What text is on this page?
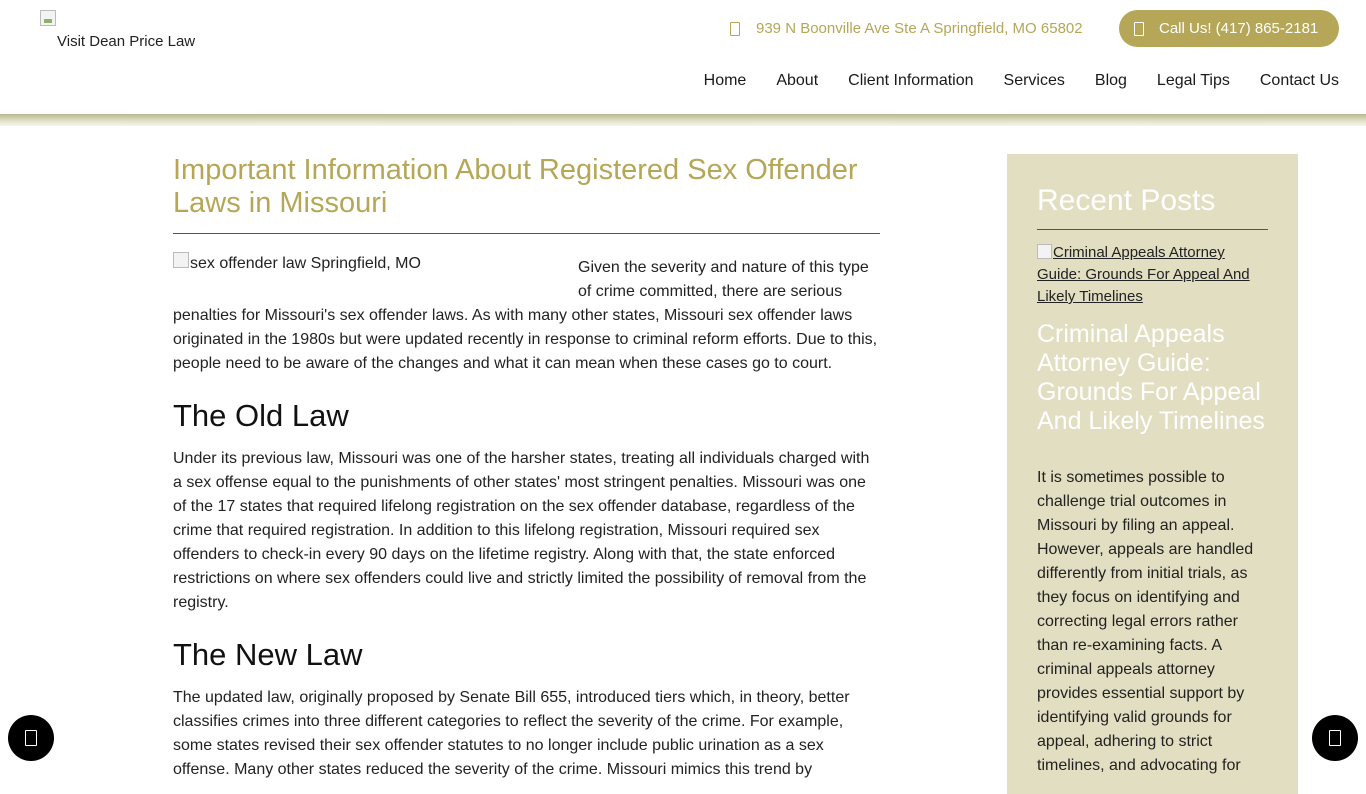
Visit Dean Price Law
939 N Boonville Ave Ste A Springfield, MO 65802	Call Us! (417) 865-2181
Home About Client Information Services Blog Legal Tips Contact Us
Important Information About Registered Sex Offender Laws in Missouri
sex offender law Springfield, MO	Given the severity and nature of this type of crime committed, there are serious penalties for Missouri's sex offender laws. As with many other states, Missouri sex offender laws originated in the 1980s but were updated recently in response to criminal reform efforts. Due to this, people need to be aware of the changes and what it can mean when these cases go to court.

The Old Law

Under its previous law, Missouri was one of the harsher states, treating all individuals charged with a sex offense equal to the punishments of other states' most stringent penalties. Missouri was one of the 17 states that required lifelong registration on the sex offender database, regardless of the crime that required registration. In addition to this lifelong registration, Missouri required sex offenders to check-in every 90 days on the lifetime registry. Along with that, the state enforced restrictions on where sex offenders could live and strictly limited the possibility of removal from the registry.

The New Law

The updated law, originally proposed by Senate Bill 655, introduced tiers which, in theory, better classifies crimes into three different categories to reflect the severity of the crime. For example, some states revised their sex offender statutes to no longer include public urination as a sex offense. Many other states reduced the severity of the crime. Missouri mimics this trend by

Recent Posts
Criminal Appeals Attorney Guide: Grounds For Appeal And Likely Timelines
Criminal Appeals Attorney Guide: Grounds For Appeal And Likely Timelines

It is sometimes possible to challenge trial outcomes in Missouri by filing an appeal. However, appeals are handled differently from initial trials, as they focus on identifying and correcting legal errors rather than re-examining facts. A criminal appeals attorney provides essential support by identifying valid grounds for appeal, adhering to strict timelines, and advocating for
